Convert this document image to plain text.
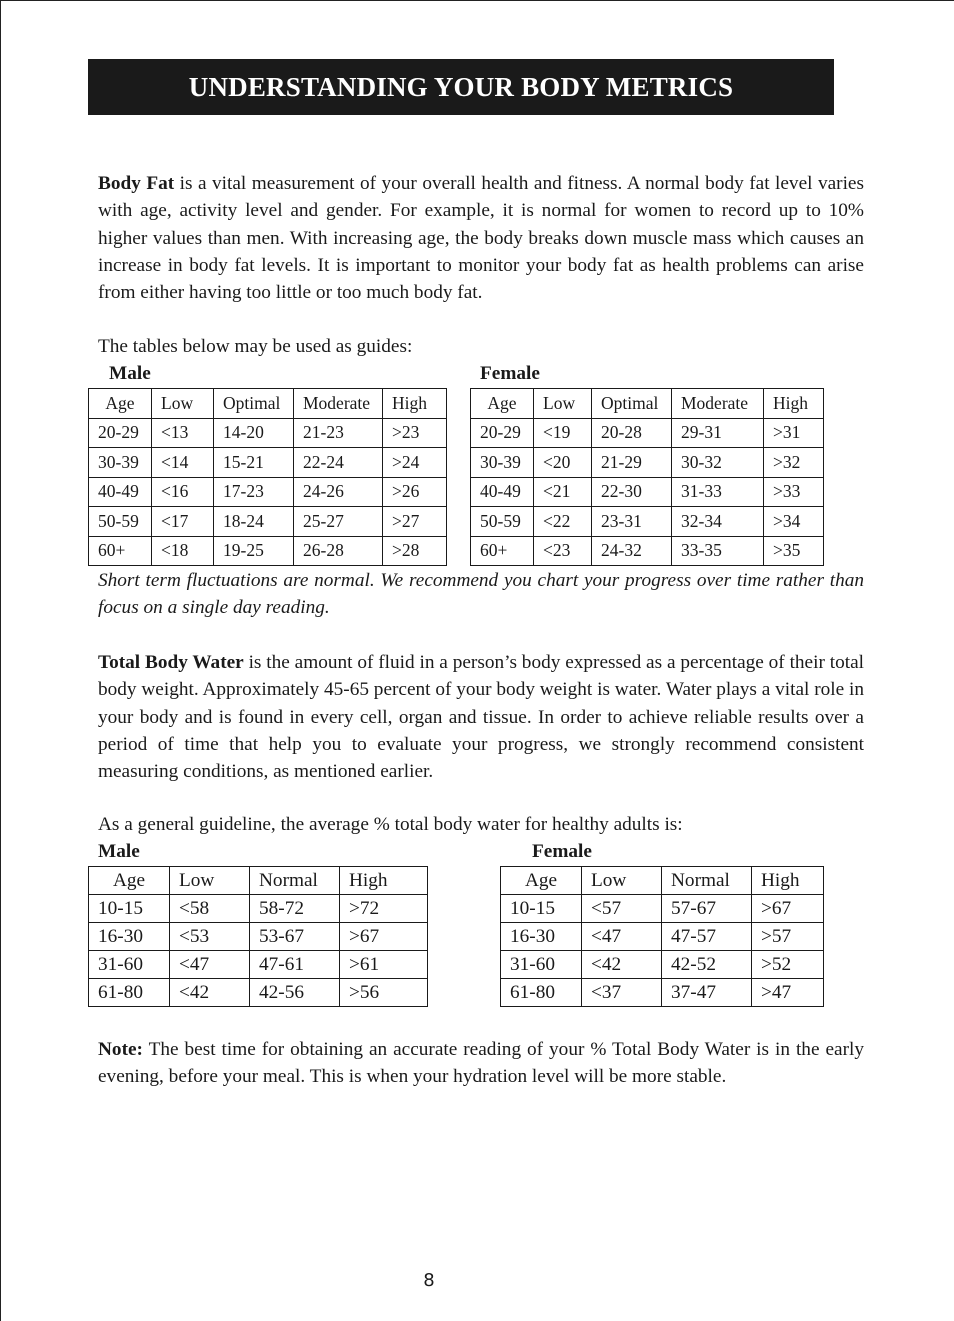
UNDERSTANDING YOUR BODY METRICS

Body Fat is a vital measurement of your overall health and fitness. A normal body fat level varies with age, activity level and gender. For example, it is normal for women to record up to 10% higher values than men. With increasing age, the body breaks down muscle mass which causes an increase in body fat levels. It is important to monitor your body fat as health problems can arise from either having too little or too much body fat.

The tables below may be used as guides:

Male	Female

Age	Low	Optimal	Moderate	High
20-29	<13	14-20	21-23	>23
30-39	<14	15-21	22-24	>24
40-49	<16	17-23	24-26	>26
50-59	<17	18-24	25-27	>27
60+	<18	19-25	26-28	>28
Age	Low	Optimal	Moderate	High
20-29	<19	20-28	29-31	>31
30-39	<20	21-29	30-32	>32
40-49	<21	22-30	31-33	>33
50-59	<22	23-31	32-34	>34
60+	<23	24-32	33-35	>35

Short term fluctuations are normal. We recommend you chart your progress over time rather than focus on a single day reading.

Total Body Water is the amount of fluid in a person’s body expressed as a percentage of their total body weight. Approximately 45-65 percent of your body weight is water. Water plays a vital role in your body and is found in every cell, organ and tissue. In order to achieve reliable results over a period of time that help you to evaluate your progress, we strongly recommend consistent measuring conditions, as mentioned earlier.

As a general guideline, the average % total body water for healthy adults is:

Male	Female

Age	Low	Normal	High
10-15	<58	58-72	>72
16-30	<53	53-67	>67
31-60	<47	47-61	>61
61-80	<42	42-56	>56
Age	Low	Normal	High
10-15	<57	57-67	>67
16-30	<47	47-57	>57
31-60	<42	42-52	>52
61-80	<37	37-47	>47

Note: The best time for obtaining an accurate reading of your % Total Body Water is in the early evening, before your meal. This is when your hydration level will be more stable.

8
